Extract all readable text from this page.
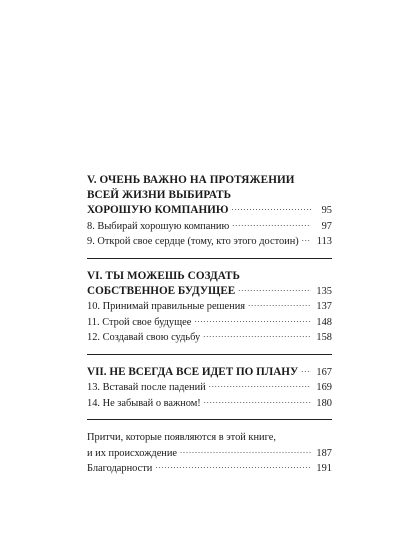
V. ОЧЕНЬ ВАЖНО НА ПРОТЯЖЕНИИ
ВСЕЙ ЖИЗНИ ВЫБИРАТЬ
ХОРОШУЮ КОМПАНИЮ .....	95
8. Выбирай хорошую компанию .....	97
9. Открой свое сердце (тому, кто этого достоин) ..... 113
VI. ТЫ МОЖЕШЬ СОЗДАТЬ
СОБСТВЕННОЕ БУДУЩЕЕ .....	135
10. Принимай правильные решения .....	137
11. Строй свое будущее .....	148
12. Создавай свою судьбу .....	158
VII. НЕ ВСЕГДА ВСЕ ИДЕТ ПО ПЛАНУ ..... 167
13. Вставай после падений .....	169
14. Не забывай о важном! .....	180
Притчи, которые появляются в этой книге,
и их происхождение .....	187
Благодарности .....	191
